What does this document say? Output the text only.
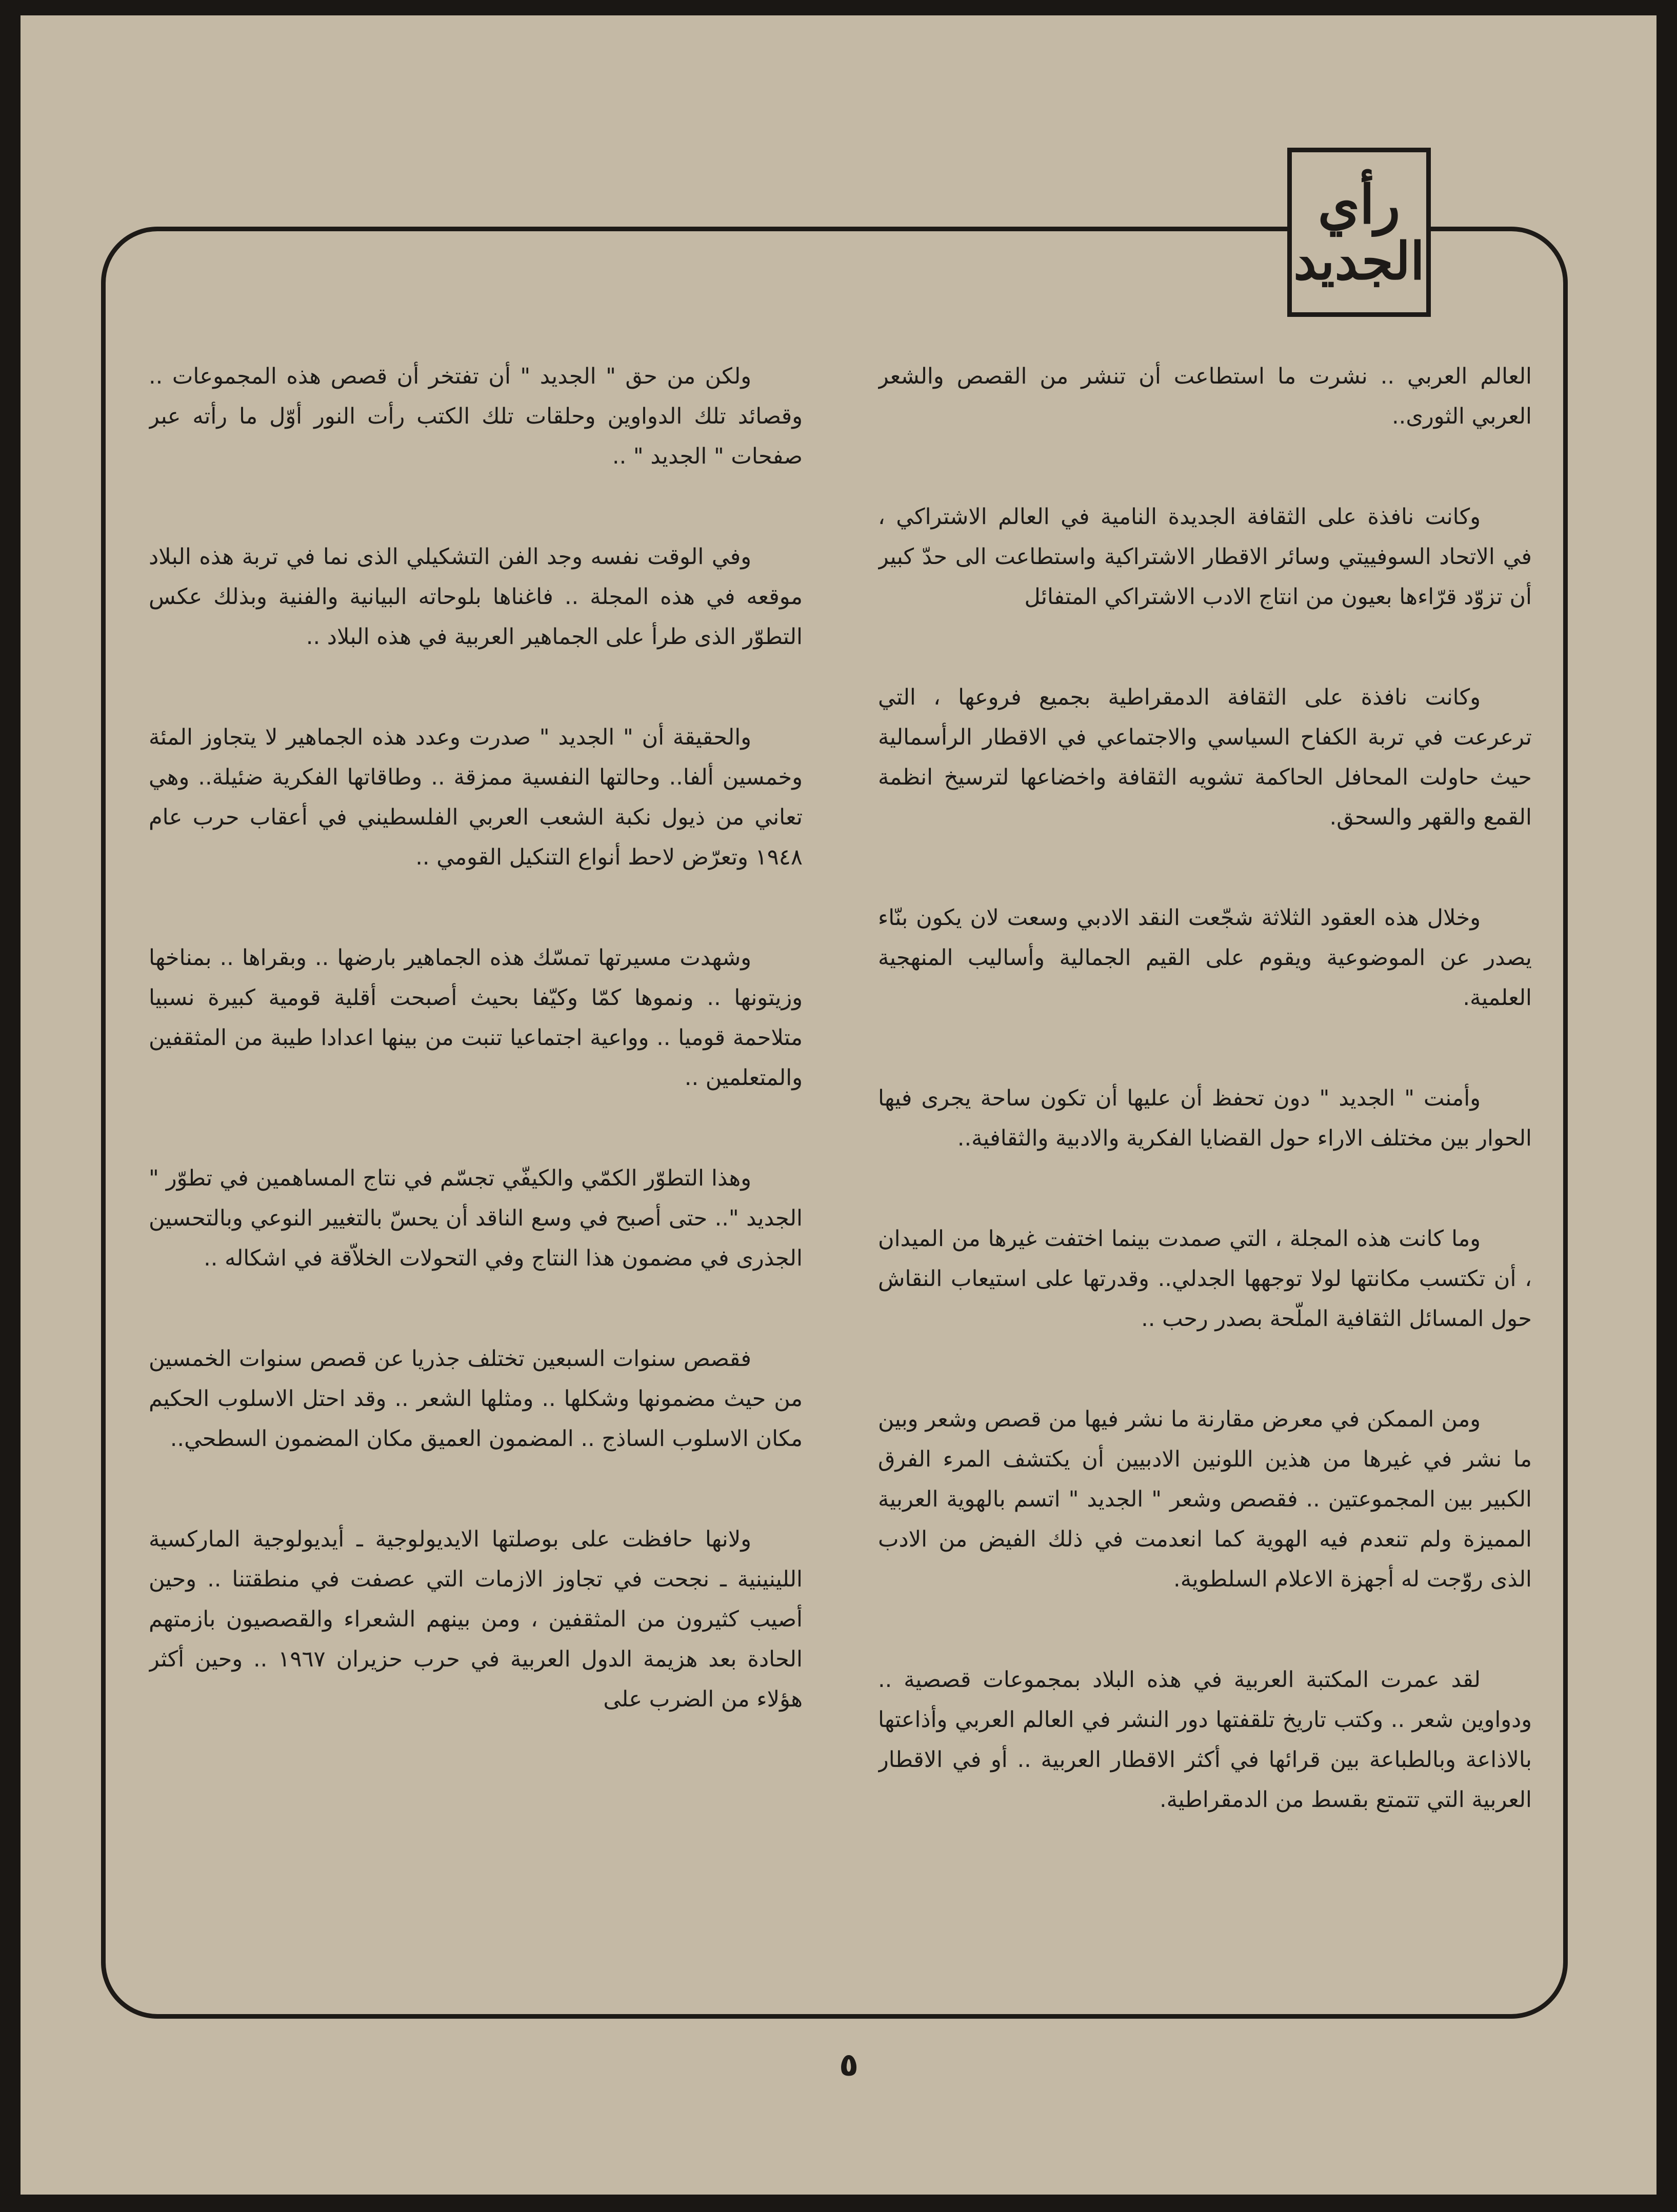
رأي
الجديد

العالم العربي .. نشرت ما استطاعت أن تنشر من القصص والشعر العربي الثورى..

وكانت نافذة على الثقافة الجديدة النامية في العالم الاشتراكي ، في الاتحاد السوفييتي وسائر الاقطار الاشتراكية واستطاعت الى حدّ كبير أن تزوّد قرّاءها بعيون من انتاج الادب الاشتراكي المتفائل

وكانت نافذة على الثقافة الدمقراطية بجميع فروعها ، التي ترعرعت في تربة الكفاح السياسي والاجتماعي في الاقطار الرأسمالية حيث حاولت المحافل الحاكمة تشويه الثقافة واخضاعها لترسيخ انظمة القمع والقهر والسحق.

وخلال هذه العقود الثلاثة شجّعت النقد الادبي وسعت لان يكون بنّاء يصدر عن الموضوعية ويقوم على القيم الجمالية وأساليب المنهجية العلمية.

وأمنت " الجديد " دون تحفظ أن عليها أن تكون ساحة يجرى فيها الحوار بين مختلف الاراء حول القضايا الفكرية والادبية والثقافية..

وما كانت هذه المجلة ، التي صمدت بينما اختفت غيرها من الميدان ، أن تكتسب مكانتها لولا توجهها الجدلي.. وقدرتها على استيعاب النقاش حول المسائل الثقافية الملّحة بصدر رحب ..

ومن الممكن في معرض مقارنة ما نشر فيها من قصص وشعر وبين ما نشر في غيرها من هذين اللونين الادبيين أن يكتشف المرء الفرق الكبير بين المجموعتين .. فقصص وشعر " الجديد " اتسم بالهوية العربية المميزة ولم تنعدم فيه الهوية كما انعدمت في ذلك الفيض من الادب الذى روّجت له أجهزة الاعلام السلطوية.

لقد عمرت المكتبة العربية في هذه البلاد بمجموعات قصصية .. ودواوين شعر .. وكتب تاريخ تلقفتها دور النشر في العالم العربي وأذاعتها بالاذاعة وبالطباعة بين قرائها في أكثر الاقطار العربية .. أو في الاقطار العربية التي تتمتع بقسط من الدمقراطية.

ولكن من حق " الجديد " أن تفتخر أن قصص هذه المجموعات .. وقصائد تلك الدواوين وحلقات تلك الكتب رأت النور أوّل ما رأته عبر صفحات " الجديد " ..

وفي الوقت نفسه وجد الفن التشكيلي الذى نما في تربة هذه البلاد موقعه في هذه المجلة .. فاغناها بلوحاته البيانية والفنية وبذلك عكس التطوّر الذى طرأ على الجماهير العربية في هذه البلاد ..

والحقيقة أن " الجديد " صدرت وعدد هذه الجماهير لا يتجاوز المئة وخمسين ألفا.. وحالتها النفسية ممزقة .. وطاقاتها الفكرية ضئيلة.. وهي تعاني من ذيول نكبة الشعب العربي الفلسطيني في أعقاب حرب عام ١٩٤٨ وتعرّض لاحط أنواع التنكيل القومي ..

وشهدت مسيرتها تمسّك هذه الجماهير بارضها .. وبقراها .. بمناخها وزيتونها .. ونموها كمّا وكيّفا بحيث أصبحت أقلية قومية كبيرة نسبيا متلاحمة قوميا .. وواعية اجتماعيا تنبت من بينها اعدادا طيبة من المثقفين والمتعلمين ..

وهذا التطوّر الكمّي والكيفّي تجسّم في نتاج المساهمين في تطوّر " الجديد ".. حتى أصبح في وسع الناقد أن يحسّ بالتغيير النوعي وبالتحسين الجذرى في مضمون هذا النتاج وفي التحولات الخلاّقة في اشكاله ..

فقصص سنوات السبعين تختلف جذريا عن قصص سنوات الخمسين من حيث مضمونها وشكلها .. ومثلها الشعر .. وقد احتل الاسلوب الحكيم مكان الاسلوب الساذج .. المضمون العميق مكان المضمون السطحي..

ولانها حافظت على بوصلتها الايديولوجية ـ أيديولوجية الماركسية اللينينية ـ نجحت في تجاوز الازمات التي عصفت في منطقتنا .. وحين أصيب كثيرون من المثقفين ، ومن بينهم الشعراء والقصصيون بازمتهم الحادة بعد هزيمة الدول العربية في حرب حزيران ١٩٦٧ .. وحين أكثر هؤلاء من الضرب على

٥
